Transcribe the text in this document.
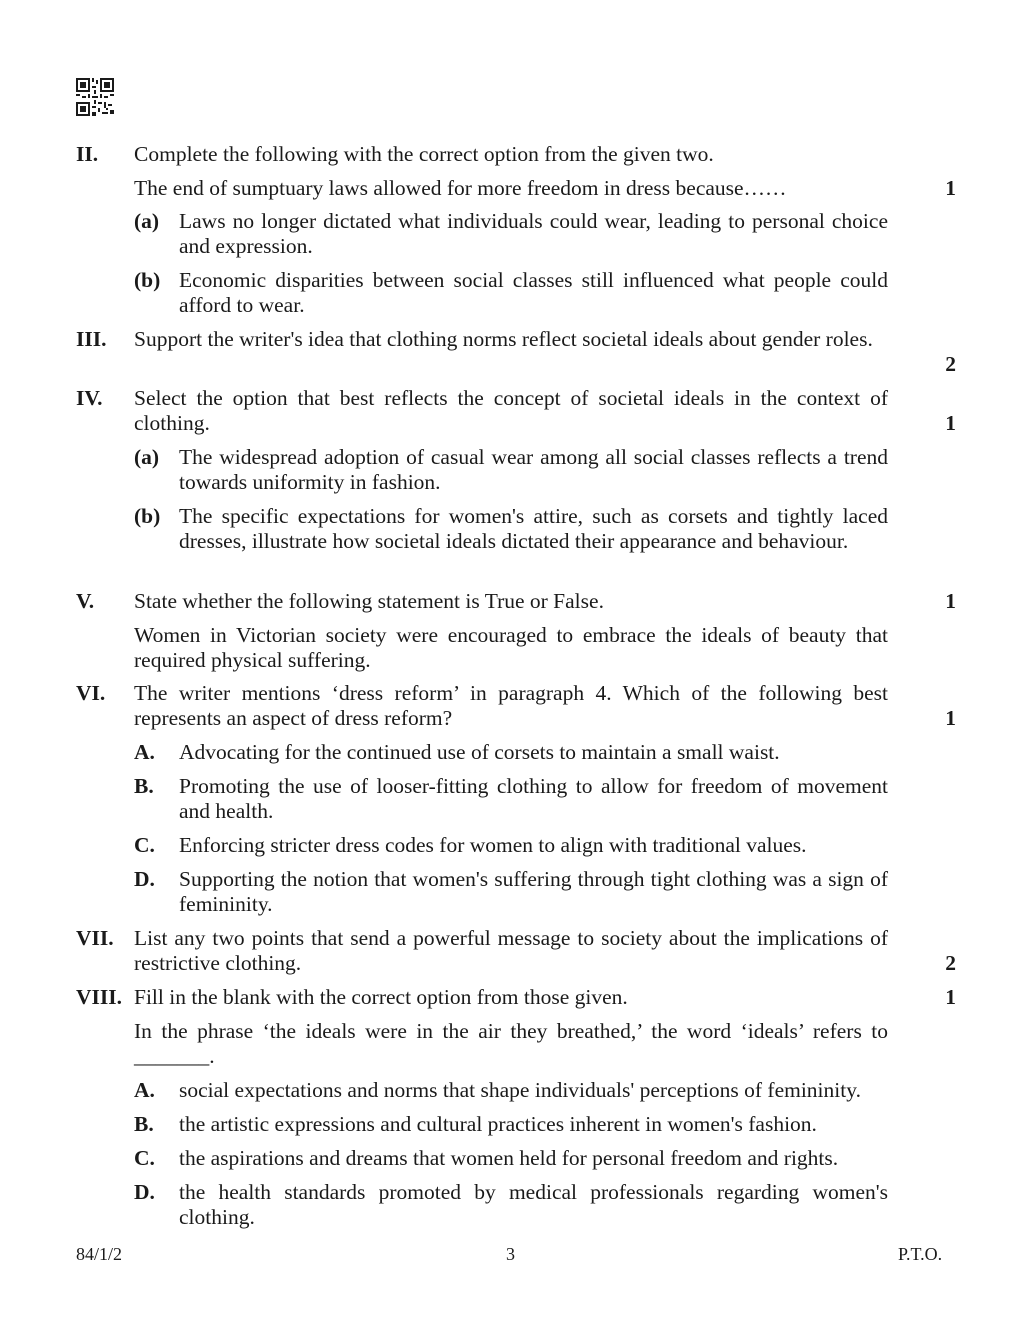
II. Complete the following with the correct option from the given two.
The end of sumptuary laws allowed for more freedom in dress because……	1
(a) Laws no longer dictated what individuals could wear, leading to personal choice and expression.
(b) Economic disparities between social classes still influenced what people could afford to wear.
III. Support the writer's idea that clothing norms reflect societal ideals about gender roles.
2
IV. Select the option that best reflects the concept of societal ideals in the context of clothing.	1
(a) The widespread adoption of casual wear among all social classes reflects a trend towards uniformity in fashion.
(b) The specific expectations for women's attire, such as corsets and tightly laced dresses, illustrate how societal ideals dictated their appearance and behaviour.
V. State whether the following statement is True or False.	1
Women in Victorian society were encouraged to embrace the ideals of beauty that required physical suffering.
VI. The writer mentions ‘dress reform’ in paragraph 4. Which of the following best represents an aspect of dress reform?	1
A. Advocating for the continued use of corsets to maintain a small waist.
B. Promoting the use of looser-fitting clothing to allow for freedom of movement and health.
C. Enforcing stricter dress codes for women to align with traditional values.
D. Supporting the notion that women's suffering through tight clothing was a sign of femininity.
VII. List any two points that send a powerful message to society about the implications of restrictive clothing.	2
VIII. Fill in the blank with the correct option from those given.	1
In the phrase ‘the ideals were in the air they breathed,’ the word ‘ideals’ refers to _______.
A. social expectations and norms that shape individuals' perceptions of femininity.
B. the artistic expressions and cultural practices inherent in women's fashion.
C. the aspirations and dreams that women held for personal freedom and rights.
D. the health standards promoted by medical professionals regarding women's clothing.
84/1/2	3	P.T.O.
